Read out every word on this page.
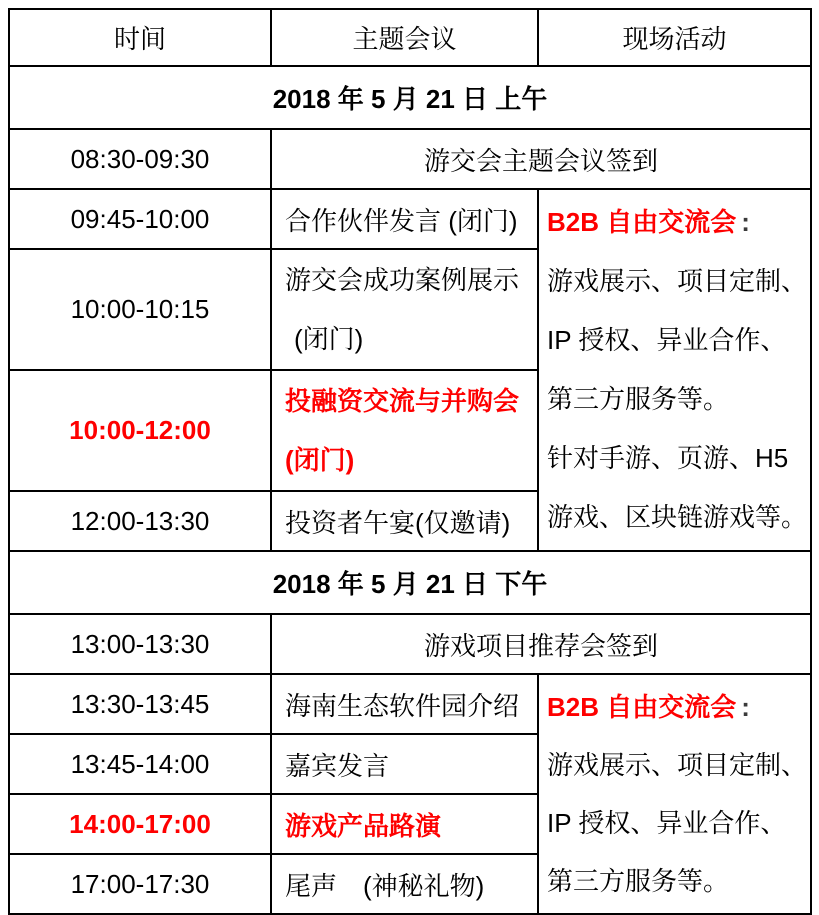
时间	主题会议	现场活动
2018 年 5 月 21 日 上午		
08:30-09:30	游交会主题会议签到	
09:45-10:00	合作伙伴发言 (闭门)	B2B 自由交流会 :
游戏展示、项目定制、
IP 授权、异业合作、
第三方服务等。
针对手游、页游、H5
游戏、区块链游戏等。

10:00-10:15	游交会成功案例展示
(闭门)	

10:00-12:00	投融资交流与并购会
(闭门)	

12:00-13:30	投资者午宴(仅邀请)	
2018 年 5 月 21 日 下午		
13:00-13:30	游戏项目推荐会签到	
13:30-13:45	海南生态软件园介绍	B2B 自由交流会 :
游戏展示、项目定制、
IP 授权、异业合作、
第三方服务等。

13:45-14:00	嘉宾发言	
14:00-17:00	游戏产品路演	
17:00-17:30	尾声　(神秘礼物)	
